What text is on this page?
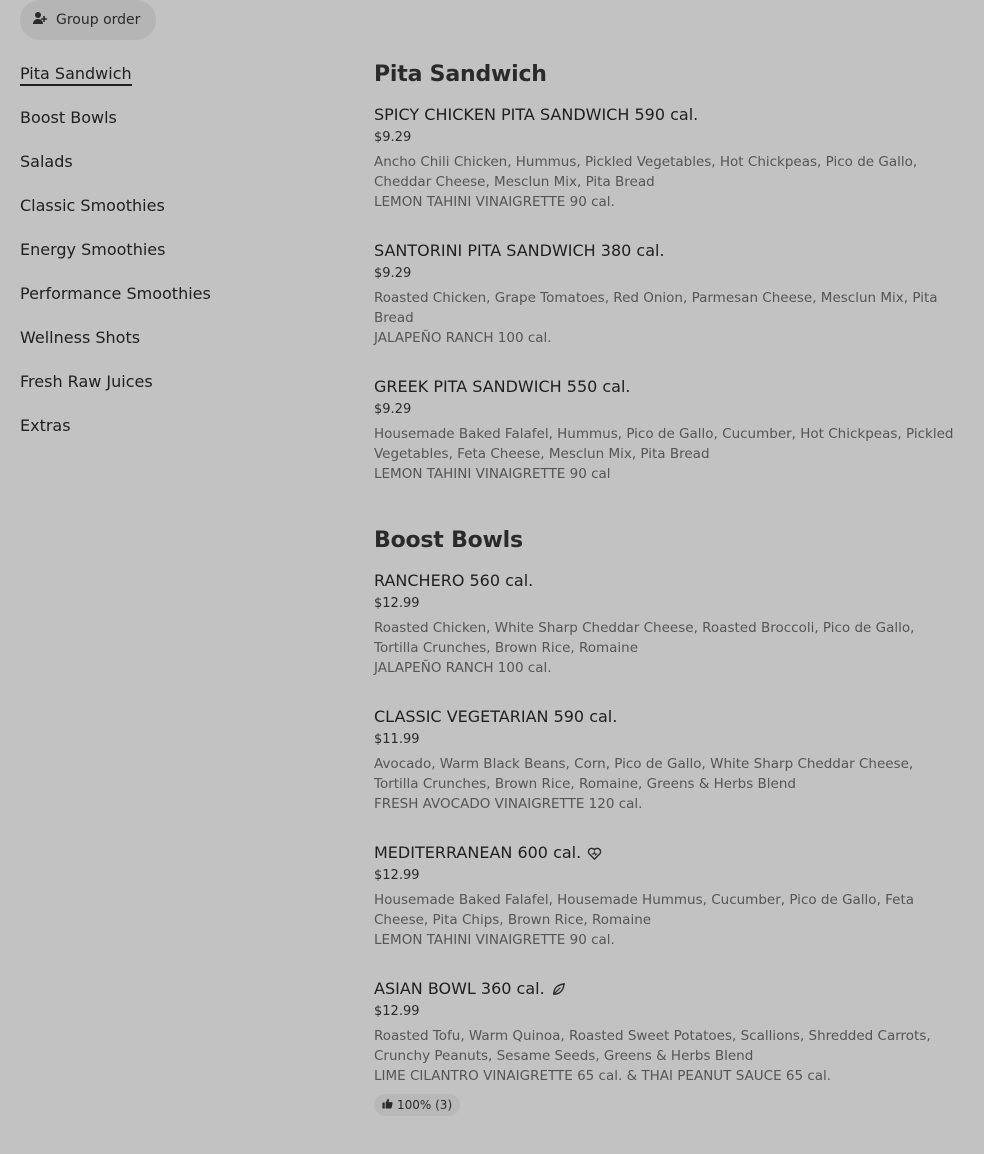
Group order
Pita Sandwich
Boost Bowls
Salads
Classic Smoothies
Energy Smoothies
Performance Smoothies
Wellness Shots
Fresh Raw Juices
Extras
Pita Sandwich
SPICY CHICKEN PITA SANDWICH 590 cal.
$9.29
Ancho Chili Chicken, Hummus, Pickled Vegetables, Hot Chickpeas, Pico de Gallo, Cheddar Cheese, Mesclun Mix, Pita Bread
LEMON TAHINI VINAIGRETTE 90 cal.
SANTORINI PITA SANDWICH 380 cal.
$9.29
Roasted Chicken, Grape Tomatoes, Red Onion, Parmesan Cheese, Mesclun Mix, Pita Bread
JALAPEÑO RANCH 100 cal.
GREEK PITA SANDWICH 550 cal.
$9.29
Housemade Baked Falafel, Hummus, Pico de Gallo, Cucumber, Hot Chickpeas, Pickled Vegetables, Feta Cheese, Mesclun Mix, Pita Bread
LEMON TAHINI VINAIGRETTE 90 cal
Boost Bowls
RANCHERO 560 cal.
$12.99
Roasted Chicken, White Sharp Cheddar Cheese, Roasted Broccoli, Pico de Gallo, Tortilla Crunches, Brown Rice, Romaine
JALAPEÑO RANCH 100 cal.
CLASSIC VEGETARIAN 590 cal.
$11.99
Avocado, Warm Black Beans, Corn, Pico de Gallo, White Sharp Cheddar Cheese, Tortilla Crunches, Brown Rice, Romaine, Greens & Herbs Blend
FRESH AVOCADO VINAIGRETTE 120 cal.
MEDITERRANEAN 600 cal.
$12.99
Housemade Baked Falafel, Housemade Hummus, Cucumber, Pico de Gallo, Feta Cheese, Pita Chips, Brown Rice, Romaine
LEMON TAHINI VINAIGRETTE 90 cal.
ASIAN BOWL 360 cal.
$12.99
Roasted Tofu, Warm Quinoa, Roasted Sweet Potatoes, Scallions, Shredded Carrots, Crunchy Peanuts, Sesame Seeds, Greens & Herbs Blend
LIME CILANTRO VINAIGRETTE 65 cal. & THAI PEANUT SAUCE 65 cal.
100% (3)
